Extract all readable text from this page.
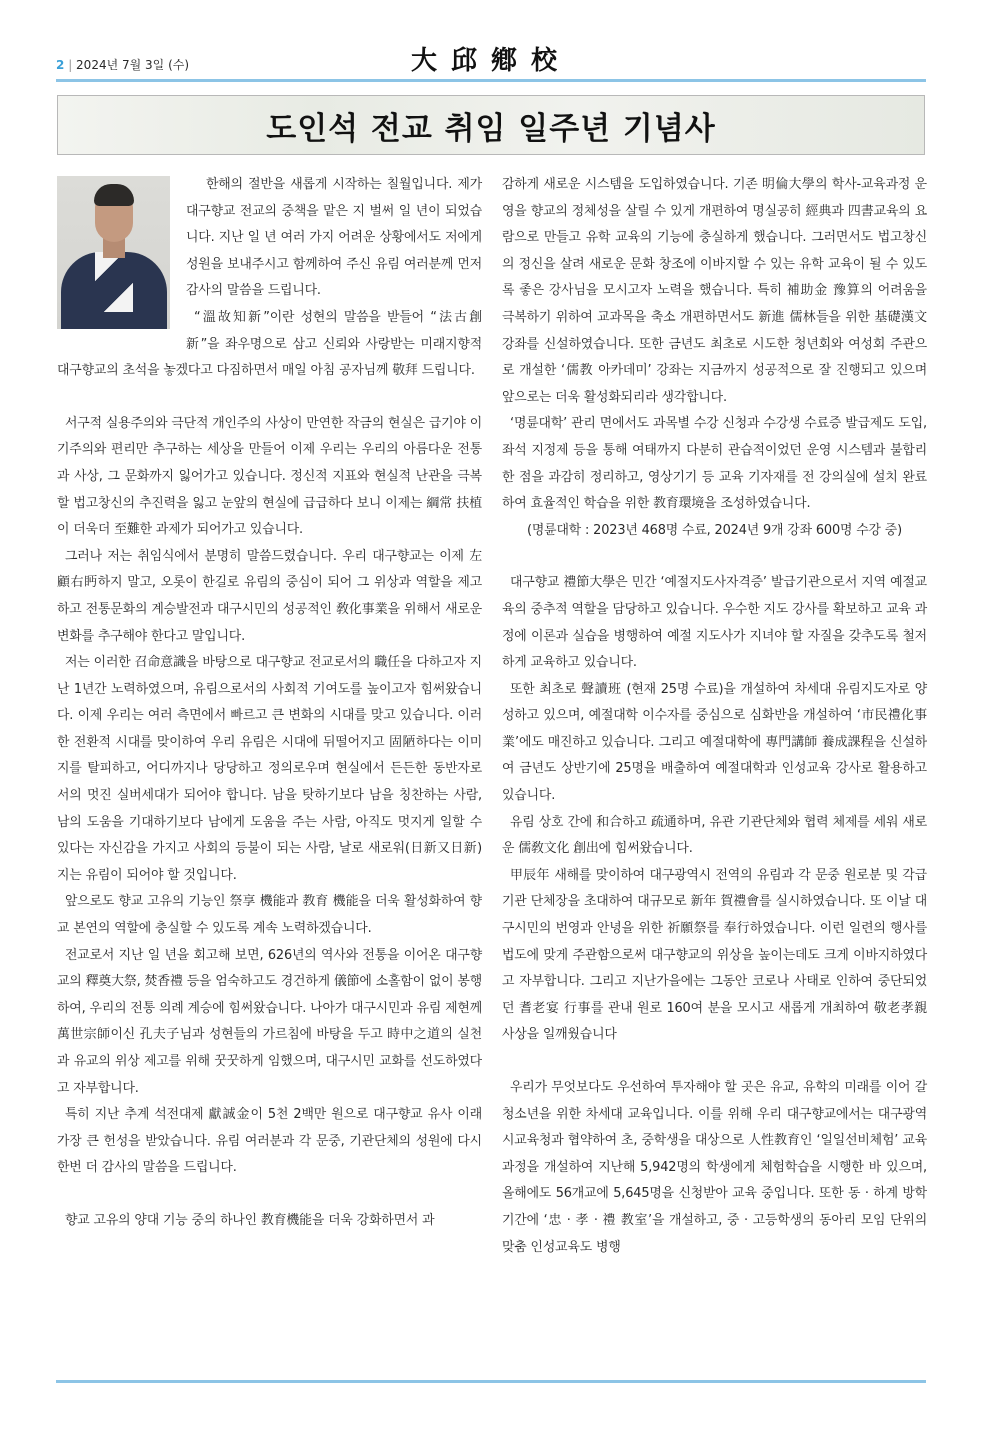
2 | 2024년 7월 3일 (수)	大邱鄕校
도인석 전교 취임 일주년 기념사

한해의 절반을 새롭게 시작하는 칠월입니다. 제가 대구향교 전교의 중책을 맡은 지 벌써 일 년이 되었습니다. 지난 일 년 여러 가지 어려운 상황에서도 저에게 성원을 보내주시고 함께하여 주신 유림 여러분께 먼저 감사의 말씀을 드립니다.

“溫故知新”이란 성현의 말씀을 받들어 “法古創新”을 좌우명으로 삼고 신뢰와 사랑받는 미래지향적 대구향교의 초석을 놓겠다고 다짐하면서 매일 아침 공자님께 敬拜 드립니다.

서구적 실용주의와 극단적 개인주의 사상이 만연한 작금의 현실은 급기야 이기주의와 편리만 추구하는 세상을 만들어 이제 우리는 우리의 아름다운 전통과 사상, 그 문화까지 잃어가고 있습니다. 정신적 지표와 현실적 난관을 극복할 법고창신의 추진력을 잃고 눈앞의 현실에 급급하다 보니 이제는 綱常 扶植이 더욱더 至難한 과제가 되어가고 있습니다.

그러나 저는 취임식에서 분명히 말씀드렸습니다. 우리 대구향교는 이제 左顧右眄하지 말고, 오롯이 한길로 유림의 중심이 되어 그 위상과 역할을 제고하고 전통문화의 계승발전과 대구시민의 성공적인 敎化事業을 위해서 새로운 변화를 추구해야 한다고 말입니다.

저는 이러한 召命意識을 바탕으로 대구향교 전교로서의 職任을 다하고자 지난 1년간 노력하였으며, 유림으로서의 사회적 기여도를 높이고자 힘써왔습니다. 이제 우리는 여러 측면에서 빠르고 큰 변화의 시대를 맞고 있습니다. 이러한 전환적 시대를 맞이하여 우리 유림은 시대에 뒤떨어지고 固陋하다는 이미지를 탈피하고, 어디까지나 당당하고 정의로우며 현실에서 든든한 동반자로서의 멋진 실버세대가 되어야 합니다. 남을 탓하기보다 남을 칭찬하는 사람, 남의 도움을 기대하기보다 남에게 도움을 주는 사람, 아직도 멋지게 일할 수 있다는 자신감을 가지고 사회의 등불이 되는 사람, 날로 새로워(日新又日新)지는 유림이 되어야 할 것입니다.

앞으로도 향교 고유의 기능인 祭享 機能과 教育 機能을 더욱 활성화하여 향교 본연의 역할에 충실할 수 있도록 계속 노력하겠습니다.

전교로서 지난 일 년을 회고해 보면, 626년의 역사와 전통을 이어온 대구향교의 釋奠大祭, 焚香禮 등을 엄숙하고도 경건하게 儀節에 소홀함이 없이 봉행하여, 우리의 전통 의례 계승에 힘써왔습니다. 나아가 대구시민과 유림 제현께 萬世宗師이신 孔夫子님과 성현들의 가르침에 바탕을 두고 時中之道의 실천과 유교의 위상 제고를 위해 꿋꿋하게 임했으며, 대구시민 교화를 선도하였다고 자부합니다.

특히 지난 추계 석전대제 獻誠金이 5천 2백만 원으로 대구향교 유사 이래 가장 큰 헌성을 받았습니다. 유림 여러분과 각 문중, 기관단체의 성원에 다시 한번 더 감사의 말씀을 드립니다.

향교 고유의 양대 기능 중의 하나인 教育機能을 더욱 강화하면서 과

감하게 새로운 시스템을 도입하였습니다. 기존 明倫大學의 학사-교육과정 운영을 향교의 정체성을 살릴 수 있게 개편하여 명실공히 經典과 四書교육의 요람으로 만들고 유학 교육의 기능에 충실하게 했습니다. 그러면서도 법고창신의 정신을 살려 새로운 문화 창조에 이바지할 수 있는 유학 교육이 될 수 있도록 좋은 강사님을 모시고자 노력을 했습니다. 특히 補助金 豫算의 어려움을 극복하기 위하여 교과목을 축소 개편하면서도 新進 儒林들을 위한 基礎漢文 강좌를 신설하였습니다. 또한 금년도 최초로 시도한 청년회와 여성회 주관으로 개설한 ‘儒教 아카데미’ 강좌는 지금까지 성공적으로 잘 진행되고 있으며 앞으로는 더욱 활성화되리라 생각합니다.

‘명륜대학’ 관리 면에서도 과목별 수강 신청과 수강생 수료증 발급제도 도입, 좌석 지정제 등을 통해 여태까지 다분히 관습적이었던 운영 시스템과 불합리 한 점을 과감히 정리하고, 영상기기 등 교육 기자재를 전 강의실에 설치 완료하여 효율적인 학습을 위한 教育環境을 조성하였습니다.

(명륜대학 : 2023년 468명 수료, 2024년 9개 강좌 600명 수강 중)

대구향교 禮節大學은 민간 ‘예절지도사자격증’ 발급기관으로서 지역 예절교육의 중추적 역할을 담당하고 있습니다. 우수한 지도 강사를 확보하고 교육 과정에 이론과 실습을 병행하여 예절 지도사가 지녀야 할 자질을 갖추도록 철저하게 교육하고 있습니다.

또한 최초로 聲讀班 (현재 25명 수료)을 개설하여 차세대 유림지도자로 양성하고 있으며, 예절대학 이수자를 중심으로 심화반을 개설하여 ‘市民禮化事業’에도 매진하고 있습니다. 그리고 예절대학에 專門講師 養成課程을 신설하여 금년도 상반기에 25명을 배출하여 예절대학과 인성교육 강사로 활용하고 있습니다.

유림 상호 간에 和合하고 疏通하며, 유관 기관단체와 협력 체제를 세워 새로운 儒敎文化 創出에 힘써왔습니다.

甲辰年 새해를 맞이하여 대구광역시 전역의 유림과 각 문중 원로분 및 각급기관 단체장을 초대하여 대규모로 新年 賀禮會를 실시하였습니다. 또 이날 대구시민의 번영과 안녕을 위한 祈願祭를 奉行하였습니다. 이런 일련의 행사를 법도에 맞게 주관함으로써 대구향교의 위상을 높이는데도 크게 이바지하였다고 자부합니다. 그리고 지난가을에는 그동안 코로나 사태로 인하여 중단되었던 耆老宴 行事를 관내 원로 160여 분을 모시고 새롭게 개최하여 敬老孝親 사상을 일깨웠습니다

우리가 무엇보다도 우선하여 투자해야 할 곳은 유교, 유학의 미래를 이어 갈 청소년을 위한 차세대 교육입니다. 이를 위해 우리 대구향교에서는 대구광역시교육청과 협약하여 초, 중학생을 대상으로 人性教育인 ‘일일선비체험’ 교육 과정을 개설하여 지난해 5,942명의 학생에게 체험학습을 시행한 바 있으며, 올해에도 56개교에 5,645명을 신청받아 교육 중입니다. 또한 동 · 하계 방학 기간에 ‘忠 · 孝 · 禮 教室’을 개설하고, 중 · 고등학생의 동아리 모임 단위의 맞춤 인성교육도 병행
